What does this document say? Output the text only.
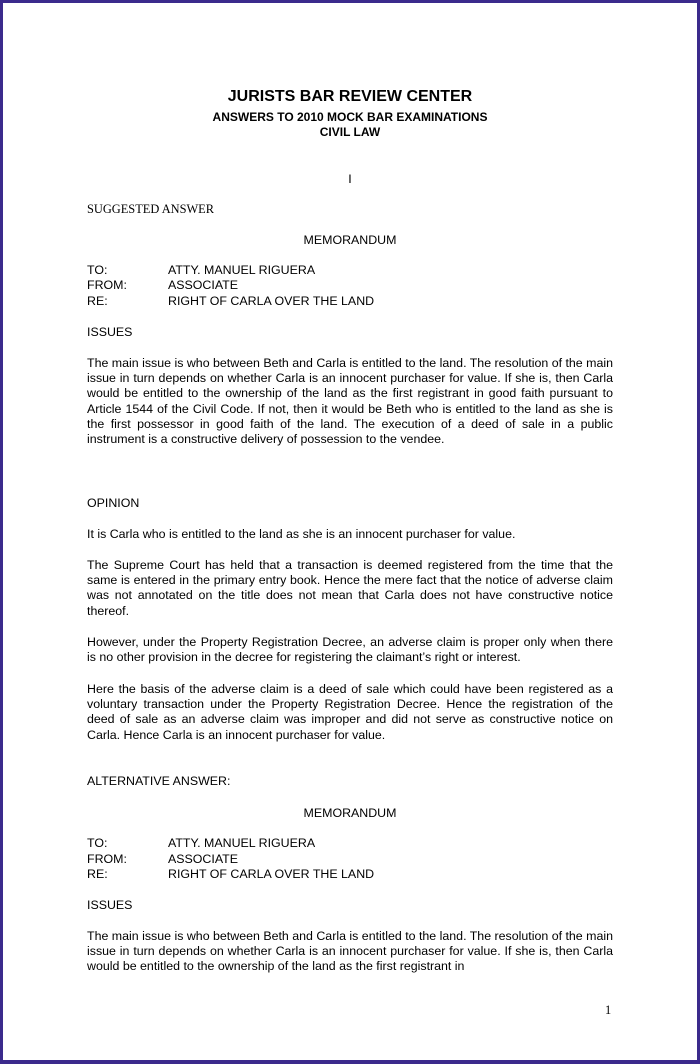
JURISTS BAR REVIEW CENTER
ANSWERS TO 2010 MOCK BAR EXAMINATIONS
CIVIL LAW
I
SUGGESTED ANSWER
MEMORANDUM
TO:	ATTY. MANUEL RIGUERA
FROM:	ASSOCIATE
RE:	RIGHT OF CARLA OVER THE LAND
ISSUES
The main issue is who between Beth and Carla is entitled to the land. The resolution of the main issue in turn depends on whether Carla is an innocent purchaser for value. If she is, then Carla would be entitled to the ownership of the land as the first registrant in good faith pursuant to Article 1544 of the Civil Code. If not, then it would be Beth who is entitled to the land as she is the first possessor in good faith of the land. The execution of a deed of sale in a public instrument is a constructive delivery of possession to the vendee.
OPINION
It is Carla who is entitled to the land as she is an innocent purchaser for value.
The Supreme Court has held that a transaction is deemed registered from the time that the same is entered in the primary entry book. Hence the mere fact that the notice of adverse claim was not annotated on the title does not mean that Carla does not have constructive notice thereof.
However, under the Property Registration Decree, an adverse claim is proper only when there is no other provision in the decree for registering the claimant’s right or interest.
Here the basis of the adverse claim is a deed of sale which could have been registered as a voluntary transaction under the Property Registration Decree. Hence the registration of the deed of sale as an adverse claim was improper and did not serve as constructive notice on Carla. Hence Carla is an innocent purchaser for value.
ALTERNATIVE ANSWER:
MEMORANDUM
TO:	ATTY. MANUEL RIGUERA
FROM:	ASSOCIATE
RE:	RIGHT OF CARLA OVER THE LAND
ISSUES
The main issue is who between Beth and Carla is entitled to the land. The resolution of the main issue in turn depends on whether Carla is an innocent purchaser for value. If she is, then Carla would be entitled to the ownership of the land as the first registrant in
1
